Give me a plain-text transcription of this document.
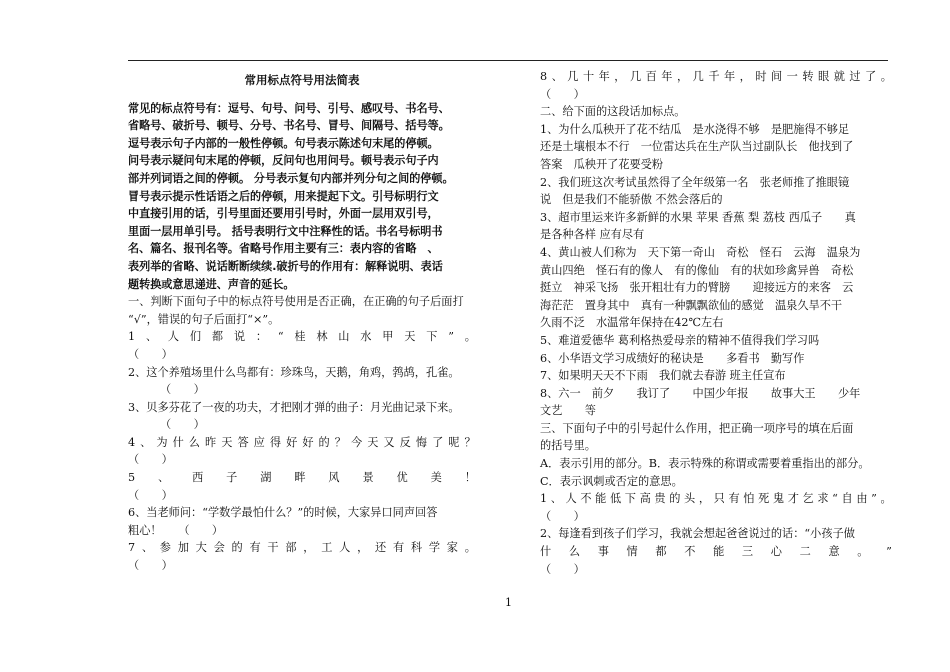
常用标点符号用法简表
常见的标点符号有：逗号、句号、问号、引号、感叹号、书名号、
省略号、破折号、顿号、分号、书名号、冒号、间隔号、括号等。
逗号表示句子内部的一般性停顿。句号表示陈述句末尾的停顿。
问号表示疑问句末尾的停顿，反问句也用问号。顿号表示句子内
部并列词语之间的停顿。 分号表示复句内部并列分句之间的停顿。
冒号表示提示性话语之后的停顿，用来提起下文。引号标明行文
中直接引用的话，引号里面还要用引号时，外面一层用双引号，
里面一层用单引号。 括号表明行文中注释性的话。书名号标明书
名、篇名、报刊名等。省略号作用主要有三：表内容的省略　、
表列举的省略、说话断断续续.破折号的作用有：解释说明、表话
题转换或意思递进、声音的延长。
一、判断下面句子中的标点符号使用是否正确，在正确的句子后面打
“√”，错误的句子后面打“×”。
1 、 人 们 都 说 ： “ 桂 林 山 水 甲 天 下 ” 。
（　　）
2、这个养殖场里什么鸟都有：珍珠鸟，天鹅，角鸡，鹁鸪，孔雀。
（　　）
3、贝多芬花了一夜的功夫，才把刚才弹的曲子：月光曲记录下来。
（　　）
4 、 为 什 么 昨 天 答 应 得 好 好 的 ？ 今 天 又 反 悔 了 呢 ？
（　　）
5 、 西 子 湖 畔 风 景 优 美 ！
（　　）
6、当老师问：“学数学最怕什么？”的时候，大家异口同声回答
粗心！　　（　　）
7 、 参 加 大 会 的 有 干 部 ， 工 人 ， 还 有 科 学 家 。
（　　）
8 、 几 十 年 ， 几 百 年 ， 几 千 年 ， 时 间 一 转 眼 就 过 了 。
（　　）
二、给下面的这段话加标点。
1、为什么瓜秧开了花不结瓜　是水浇得不够　是肥施得不够足
还是土壤根本不行　一位雷达兵在生产队当过副队长　他找到了
答案　瓜秧开了花要受粉
2、我们班这次考试虽然得了全年级第一名　张老师推了推眼镜
说　但是我们不能骄傲 不然会落后的
3、超市里运来许多新鲜的水果 苹果 香蕉 梨 荔枝 西瓜子　　真
是各种各样 应有尽有
4、黄山被人们称为　天下第一奇山　奇松　怪石　云海　温泉为
黄山四绝　怪石有的像人　有的像仙　有的状如珍禽异兽　奇松
挺立　神采飞扬　张开粗壮有力的臂膀　　迎接远方的来客　云
海茫茫　置身其中　真有一种飘飘欲仙的感觉　温泉久旱不干
久雨不泛　水温常年保持在42℃左右
5、难道爱德华 葛利格热爱母亲的精神不值得我们学习吗
6、小华语文学习成绩好的秘诀是　　多看书　勤写作
7、如果明天天不下雨　我们就去春游 班主任宣布
8、六一　前夕　　我订了　　中国少年报　　故事大王　　少年
文艺　　等
三、下面句子中的引号起什么作用，把正确一项序号的填在后面
的括号里。
A．表示引用的部分。B．表示特殊的称谓或需要着重指出的部分。
C．表示讽刺或否定的意思。
1 、 人 不 能 低 下 高 贵 的 头 ， 只 有 怕 死 鬼 才 乞 求 “ 自 由 ” 。
（　　）
2、每逢看到孩子们学习，我就会想起爸爸说过的话：“小孩子做
什 么 事 情 都 不 能 三 心 二 意 。 ”
（　　）
1
